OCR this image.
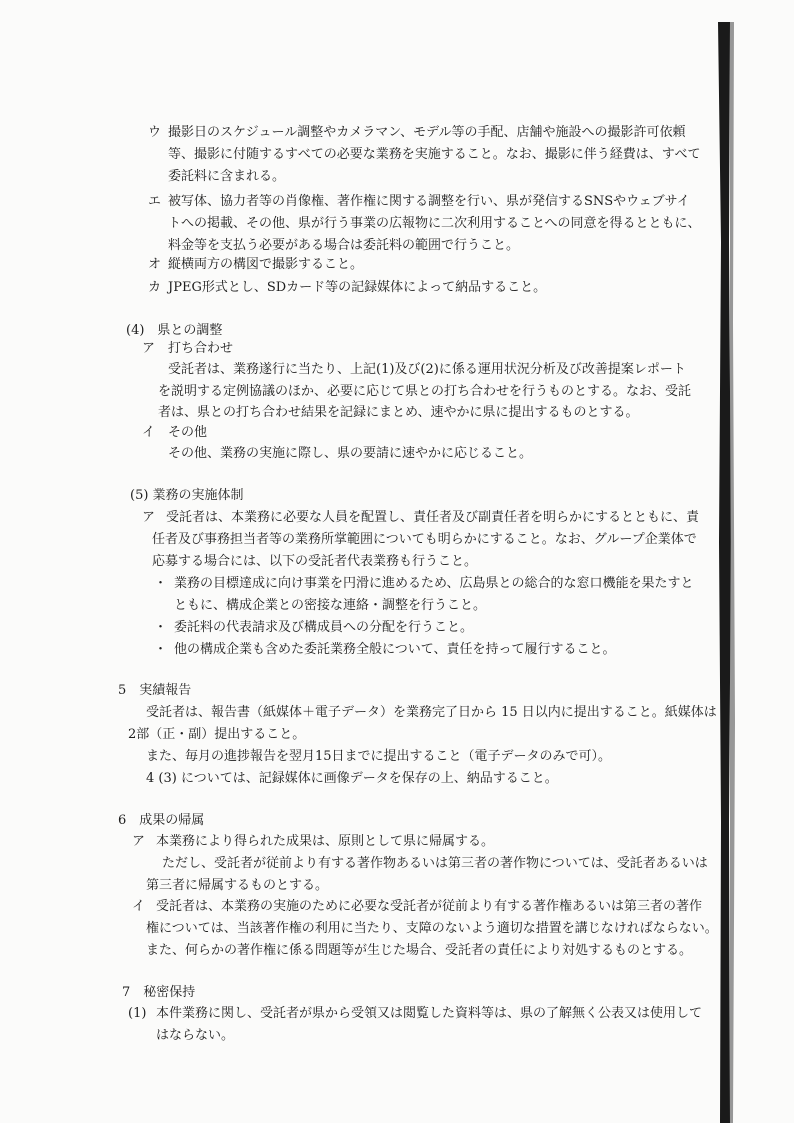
ウ 撮影日のスケジュール調整やカメラマン、モデル等の手配、店舗や施設への撮影許可依頼
等、撮影に付随するすべての必要な業務を実施すること。なお、撮影に伴う経費は、すべて
委託料に含まれる。
エ 被写体、協力者等の肖像権、著作権に関する調整を行い、県が発信するSNSやウェブサイ
トへの掲載、その他、県が行う事業の広報物に二次利用することへの同意を得るとともに、
料金等を支払う必要がある場合は委託料の範囲で行うこと。
オ 縦横両方の構図で撮影すること。
カ JPEG形式とし、SDカード等の記録媒体によって納品すること。
(4)　県との調整
ア　打ち合わせ
受託者は、業務遂行に当たり、上記(1)及び(2)に係る運用状況分析及び改善提案レポート
を説明する定例協議のほか、必要に応じて県との打ち合わせを行うものとする。なお、受託
者は、県との打ち合わせ結果を記録にまとめ、速やかに県に提出するものとする。
イ　その他
その他、業務の実施に際し、県の要請に速やかに応じること。
(5) 業務の実施体制
ア 受託者は、本業務に必要な人員を配置し、責任者及び副責任者を明らかにするとともに、責
任者及び事務担当者等の業務所掌範囲についても明らかにすること。なお、グループ企業体で
応募する場合には、以下の受託者代表業務も行うこと。
・ 業務の目標達成に向け事業を円滑に進めるため、広島県との総合的な窓口機能を果たすと
ともに、構成企業との密接な連絡・調整を行うこと。
・ 委託料の代表請求及び構成員への分配を行うこと。
・ 他の構成企業も含めた委託業務全般について、責任を持って履行すること。
5　実績報告
受託者は、報告書（紙媒体＋電子データ）を業務完了日から 15 日以内に提出すること。紙媒体は
2部（正・副）提出すること。
また、毎月の進捗報告を翌月15日までに提出すること（電子データのみで可）。
4 (3) については、記録媒体に画像データを保存の上、納品すること。
6　成果の帰属
ア 本業務により得られた成果は、原則として県に帰属する。
ただし、受託者が従前より有する著作物あるいは第三者の著作物については、受託者あるいは
第三者に帰属するものとする。
イ 受託者は、本業務の実施のために必要な受託者が従前より有する著作権あるいは第三者の著作
権については、当該著作権の利用に当たり、支障のないよう適切な措置を講じなければならない。
また、何らかの著作権に係る問題等が生じた場合、受託者の責任により対処するものとする。
7　秘密保持
(1) 本件業務に関し、受託者が県から受領又は閲覧した資料等は、県の了解無く公表又は使用して
はならない。
